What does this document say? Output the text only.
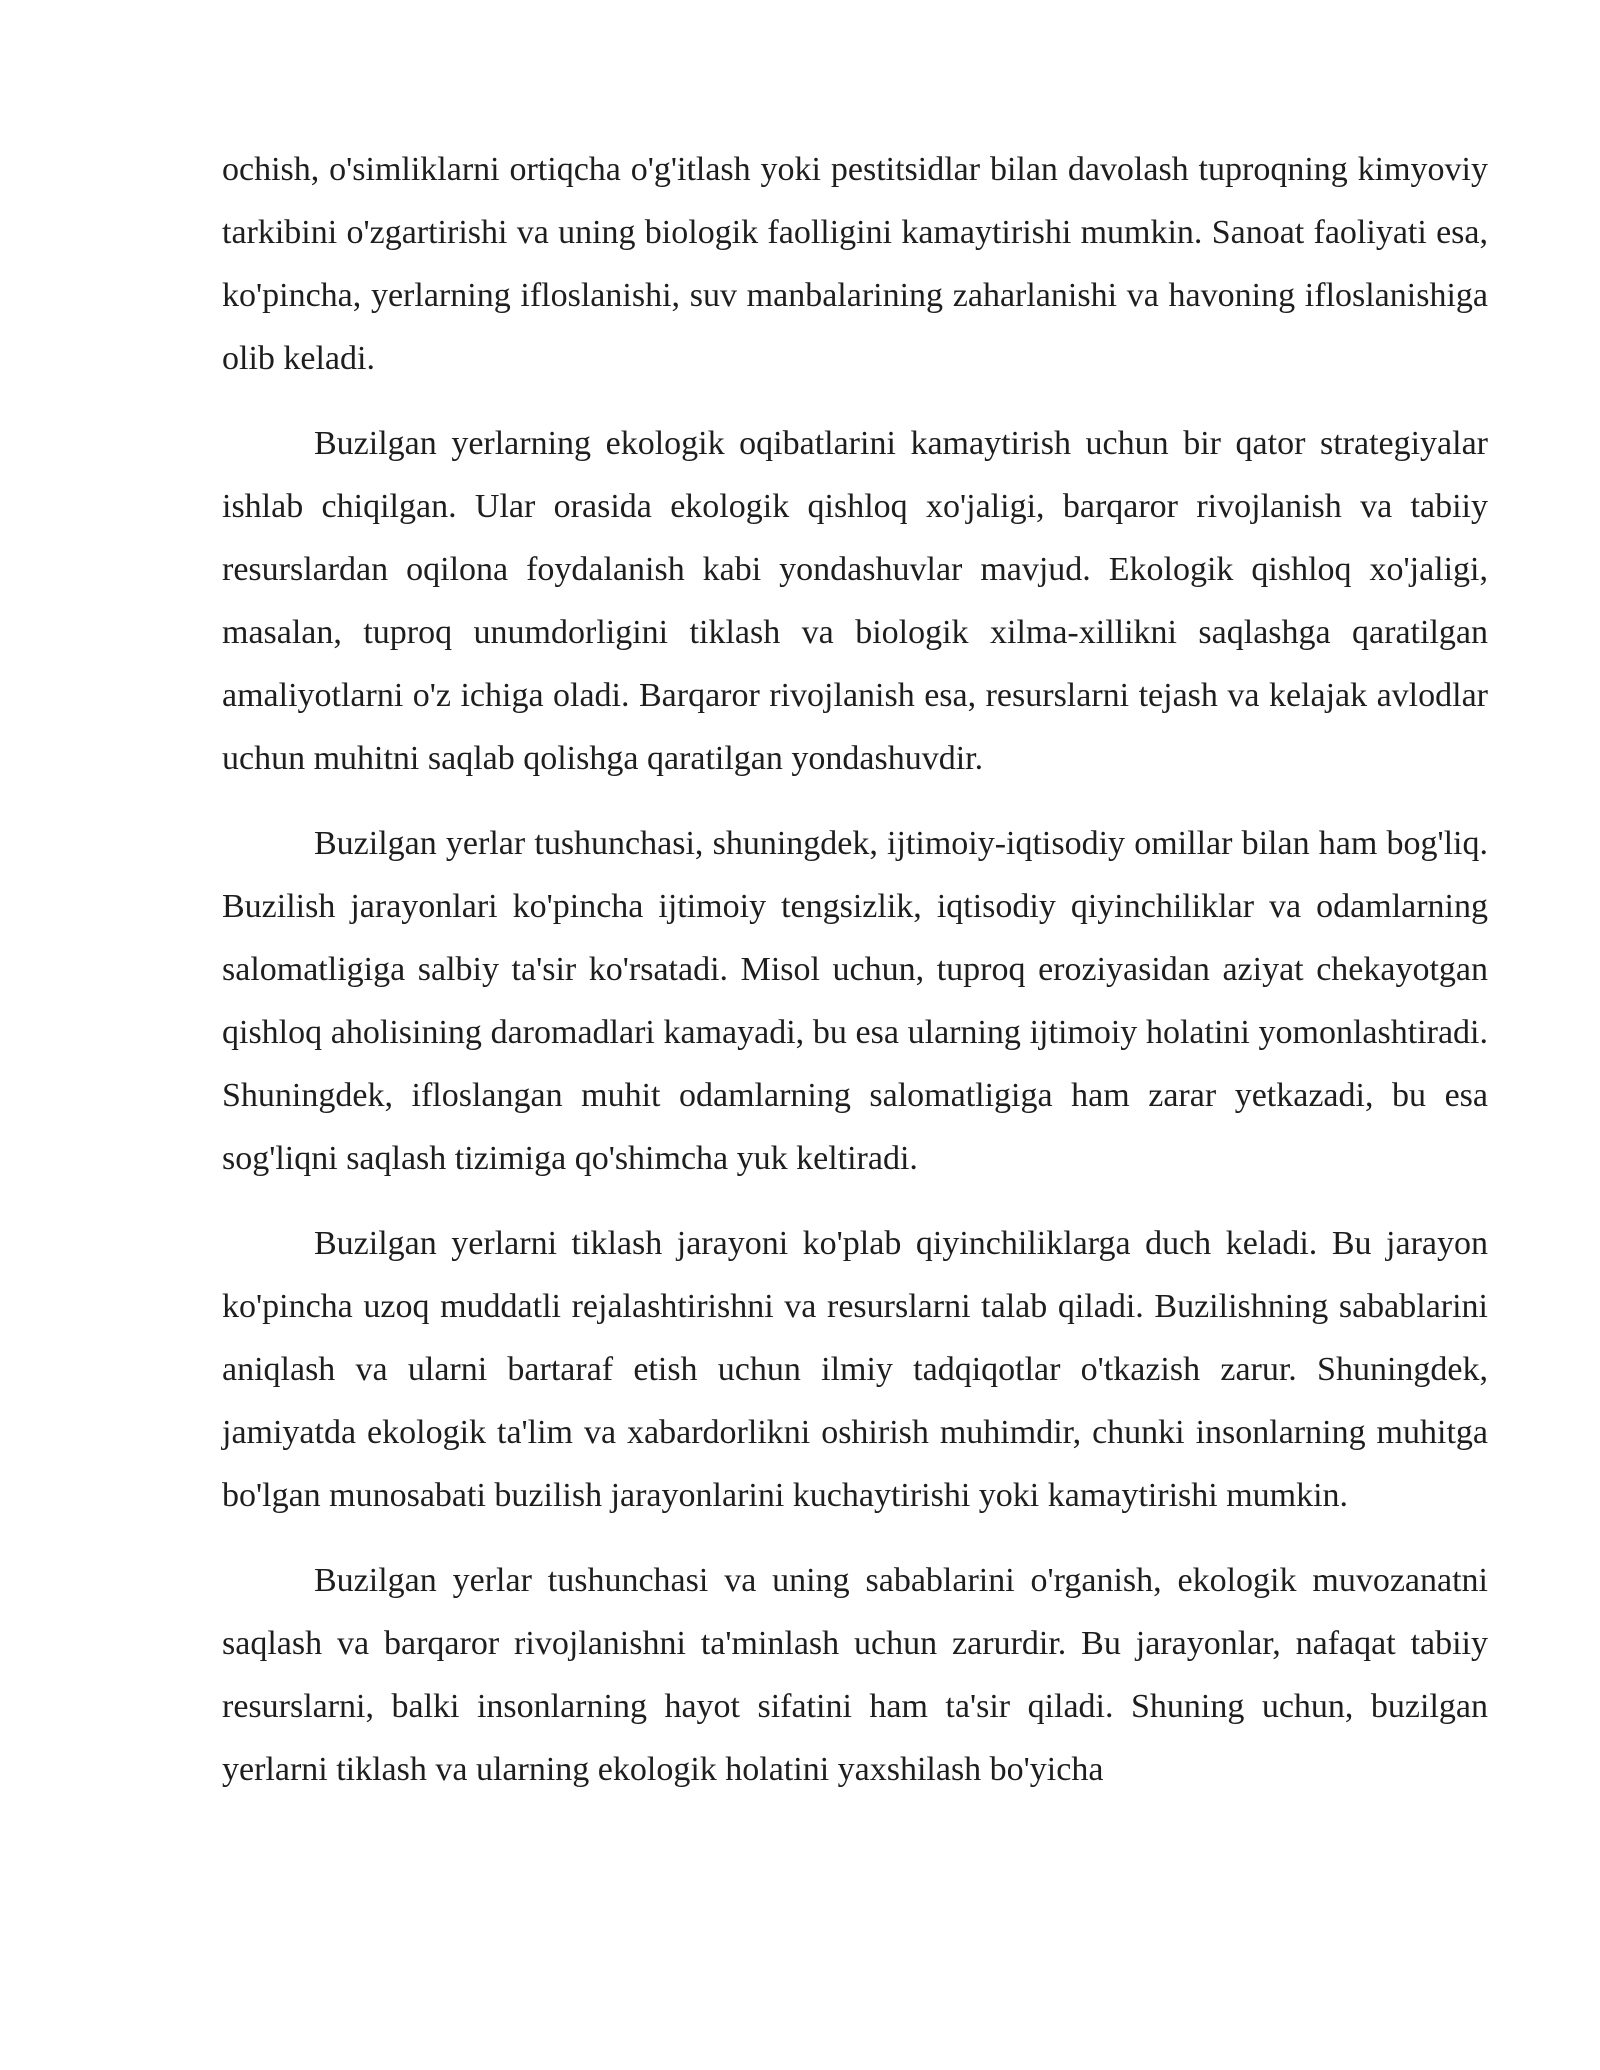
ochish, o'simliklarni ortiqcha o'g'itlash yoki pestitsidlar bilan davolash tuproqning kimyoviy tarkibini o'zgartirishi va uning biologik faolligini kamaytirishi mumkin. Sanoat faoliyati esa, ko'pincha, yerlarning ifloslanishi, suv manbalarining zaharlanishi va havoning ifloslanishiga olib keladi.

Buzilgan yerlarning ekologik oqibatlarini kamaytirish uchun bir qator strategiyalar ishlab chiqilgan. Ular orasida ekologik qishloq xo'jaligi, barqaror rivojlanish va tabiiy resurslardan oqilona foydalanish kabi yondashuvlar mavjud. Ekologik qishloq xo'jaligi, masalan, tuproq unumdorligini tiklash va biologik xilma-xillikni saqlashga qaratilgan amaliyotlarni o'z ichiga oladi. Barqaror rivojlanish esa, resurslarni tejash va kelajak avlodlar uchun muhitni saqlab qolishga qaratilgan yondashuvdir.

Buzilgan yerlar tushunchasi, shuningdek, ijtimoiy-iqtisodiy omillar bilan ham bog'liq. Buzilish jarayonlari ko'pincha ijtimoiy tengsizlik, iqtisodiy qiyinchiliklar va odamlarning salomatligiga salbiy ta'sir ko'rsatadi. Misol uchun, tuproq eroziyasidan aziyat chekayotgan qishloq aholisining daromadlari kamayadi, bu esa ularning ijtimoiy holatini yomonlashtiradi. Shuningdek, ifloslangan muhit odamlarning salomatligiga ham zarar yetkazadi, bu esa sog'liqni saqlash tizimiga qo'shimcha yuk keltiradi.

Buzilgan yerlarni tiklash jarayoni ko'plab qiyinchiliklarga duch keladi. Bu jarayon ko'pincha uzoq muddatli rejalashtirishni va resurslarni talab qiladi. Buzilishning sabablarini aniqlash va ularni bartaraf etish uchun ilmiy tadqiqotlar o'tkazish zarur. Shuningdek, jamiyatda ekologik ta'lim va xabardorlikni oshirish muhimdir, chunki insonlarning muhitga bo'lgan munosabati buzilish jarayonlarini kuchaytirishi yoki kamaytirishi mumkin.

Buzilgan yerlar tushunchasi va uning sabablarini o'rganish, ekologik muvozanatni saqlash va barqaror rivojlanishni ta'minlash uchun zarurdir. Bu jarayonlar, nafaqat tabiiy resurslarni, balki insonlarning hayot sifatini ham ta'sir qiladi. Shuning uchun, buzilgan yerlarni tiklash va ularning ekologik holatini yaxshilash bo'yicha
